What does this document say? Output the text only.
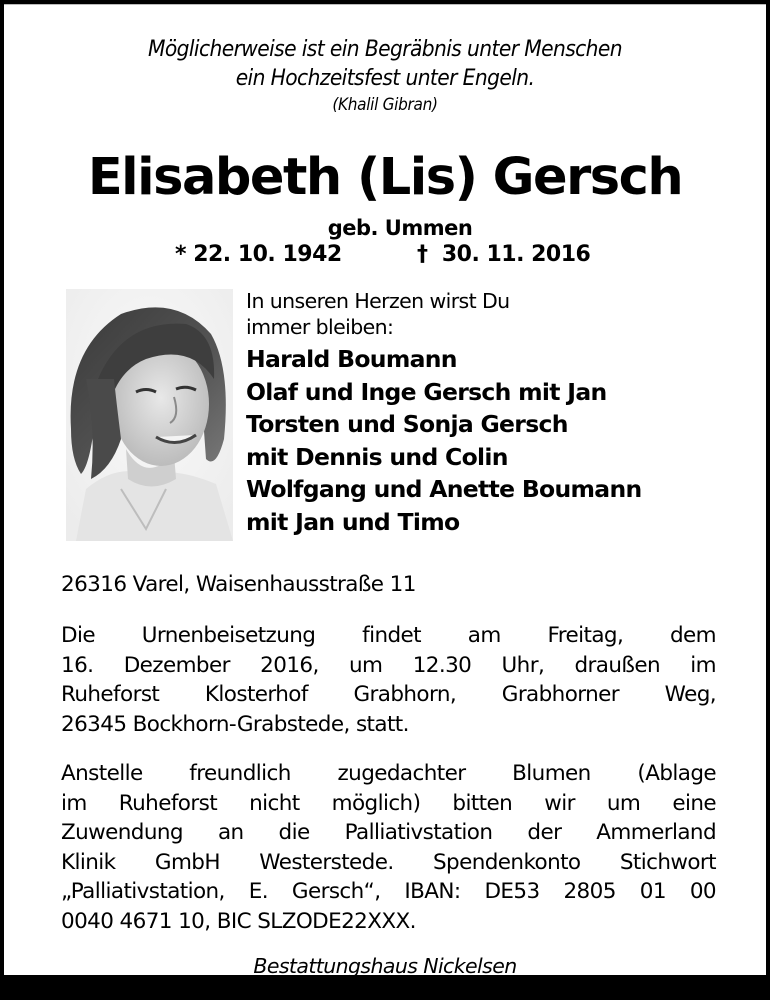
Möglicherweise ist ein Begräbnis unter Menschen
ein Hochzeitsfest unter Engeln.
(Khalil Gibran)
Elisabeth (Lis) Gersch
geb. Ummen
* 22. 10. 1942	† 30. 11. 2016
In unseren Herzen wirst Du
immer bleiben:
Harald Boumann
Olaf und Inge Gersch mit Jan
Torsten und Sonja Gersch
mit Dennis und Colin
Wolfgang und Anette Boumann
mit Jan und Timo
26316 Varel, Waisenhausstraße 11
Die Urnenbeisetzung findet am Freitag, dem
16. Dezember 2016, um 12.30 Uhr, draußen im
Ruheforst Klosterhof Grabhorn, Grabhorner Weg,
26345 Bockhorn-Grabstede, statt.
Anstelle freundlich zugedachter Blumen (Ablage
im Ruheforst nicht möglich) bitten wir um eine
Zuwendung an die Palliativstation der Ammerland
Klinik GmbH Westerstede. Spendenkonto Stichwort
„Palliativstation, E. Gersch“, IBAN: DE53 2805 01 00
0040 4671 10, BIC SLZODE22XXX.
Bestattungshaus Nickelsen
